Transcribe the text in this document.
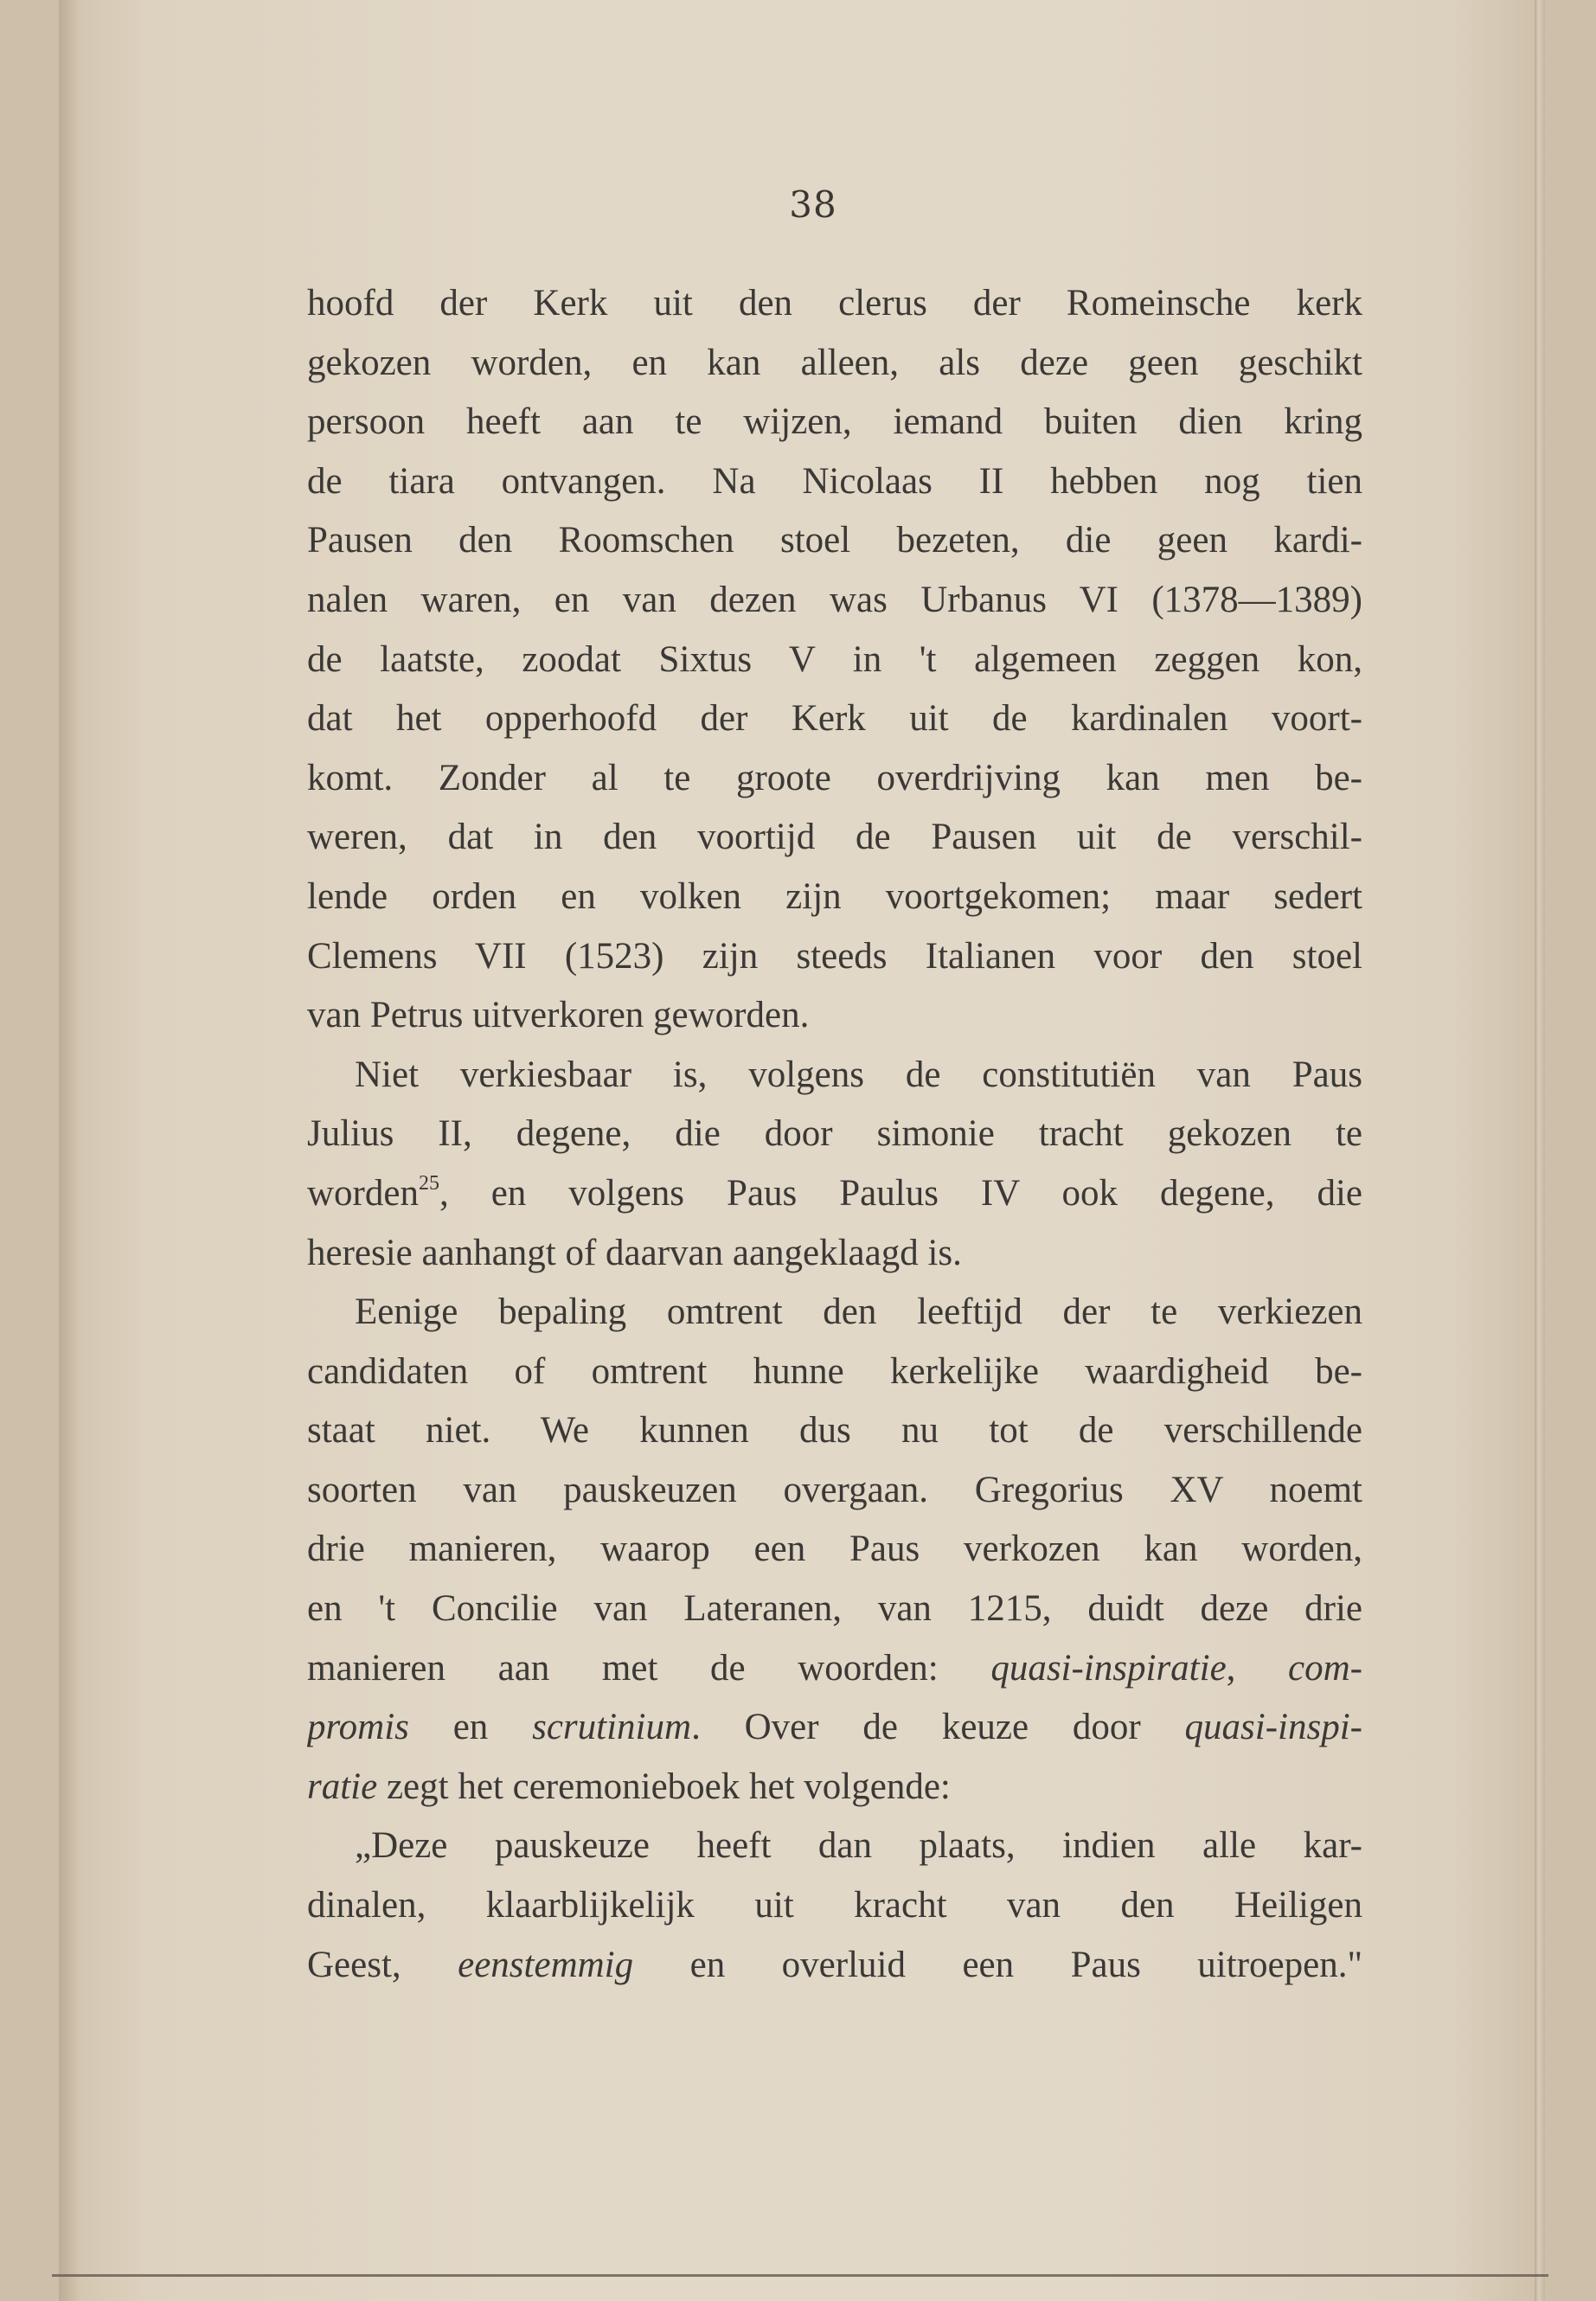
38
hoofd der Kerk uit den clerus der Romeinsche kerk
gekozen worden, en kan alleen, als deze geen geschikt
persoon heeft aan te wijzen, iemand buiten dien kring
de tiara ontvangen. Na Nicolaas II hebben nog tien
Pausen den Roomschen stoel bezeten, die geen kardi-
nalen waren, en van dezen was Urbanus VI (1378—1389)
de laatste, zoodat Sixtus V in 't algemeen zeggen kon,
dat het opperhoofd der Kerk uit de kardinalen voort-
komt. Zonder al te groote overdrijving kan men be-
weren, dat in den voortijd de Pausen uit de verschil-
lende orden en volken zijn voortgekomen; maar sedert
Clemens VII (1523) zijn steeds Italianen voor den stoel
van Petrus uitverkoren geworden.
Niet verkiesbaar is, volgens de constitutiën van Paus
Julius II, degene, die door simonie tracht gekozen te
worden$^{25}$, en volgens Paus Paulus IV ook degene, die
heresie aanhangt of daarvan aangeklaagd is.
Eenige bepaling omtrent den leeftijd der te verkiezen
candidaten of omtrent hunne kerkelijke waardigheid be-
staat niet. We kunnen dus nu tot de verschillende
soorten van pauskeuzen overgaan. Gregorius XV noemt
drie manieren, waarop een Paus verkozen kan worden,
en 't Concilie van Lateranen, van 1215, duidt deze drie
manieren aan met de woorden: quasi-inspiratie, com-
promis en scrutinium. Over de keuze door quasi-inspi-
ratie zegt het ceremonieboek het volgende:
„Deze pauskeuze heeft dan plaats, indien alle kar-
dinalen, klaarblijkelijk uit kracht van den Heiligen
Geest, eenstemmig en overluid een Paus uitroepen."
